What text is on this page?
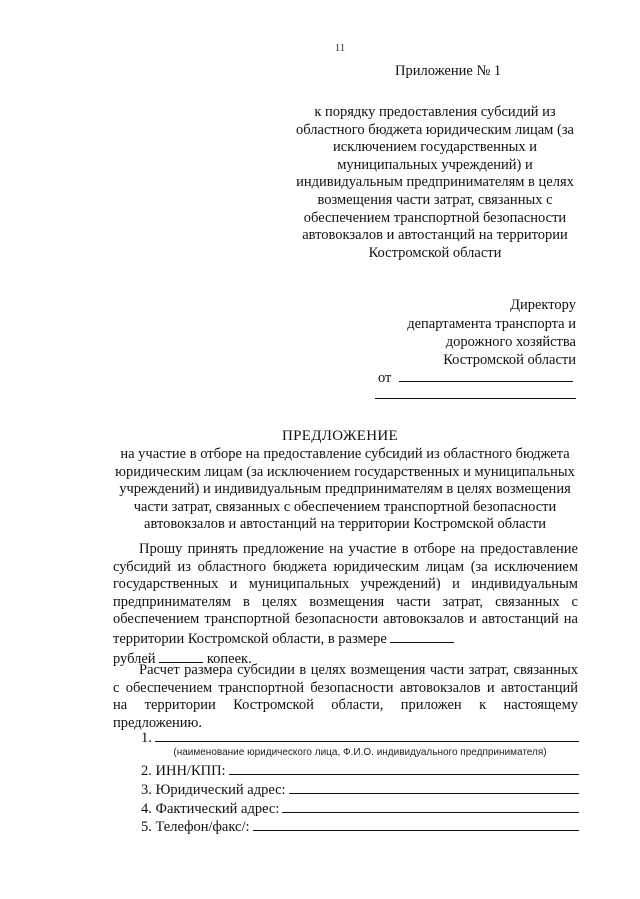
11
Приложение № 1
к порядку предоставления субсидий из областного бюджета юридическим лицам (за исключением государственных и муниципальных учреждений) и индивидуальным предпринимателям в целях возмещения части затрат, связанных с обеспечением транспортной безопасности автовокзалов и автостанций на территории Костромской области
Директору
департамента транспорта и
дорожного хозяйства
Костромской области
от
ПРЕДЛОЖЕНИЕ
на участие в отборе на предоставление субсидий из областного бюджета юридическим лицам (за исключением государственных и муниципальных учреждений) и индивидуальным предпринимателям в целях возмещения части затрат, связанных с обеспечением транспортной безопасности автовокзалов и автостанций на территории Костромской области
Прошу принять предложение на участие в отборе на предоставление субсидий из областного бюджета юридическим лицам (за исключением государственных и муниципальных учреждений) и индивидуальным предпринимателям в целях возмещения части затрат, связанных с обеспечением транспортной безопасности автовокзалов и автостанций на территории Костромской области, в размере
рублей	копеек.
Расчет размера субсидии в целях возмещения части затрат, связанных с обеспечением транспортной безопасности автовокзалов и автостанций на территории Костромской области, приложен к настоящему предложению.
1.
(наименование юридического лица, Ф.И.О. индивидуального предпринимателя)
2. ИНН/КПП:
3. Юридический адрес:
4. Фактический адрес:
5. Телефон/факс/:
